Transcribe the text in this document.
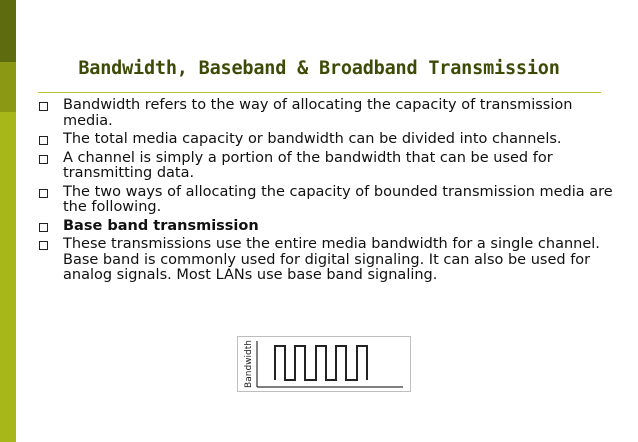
Bandwidth, Baseband & Broadband Transmission
Bandwidth refers to the way of allocating the capacity of transmission media.
The total media capacity or bandwidth can be divided into channels.
A channel is simply a portion of the bandwidth that can be used for transmitting data.
The two ways of allocating the capacity of bounded transmission media are the following.
Base band transmission
These transmissions use the entire media bandwidth for a single channel. Base band is commonly used for digital signaling. It can also be used for analog signals. Most LANs use base band signaling.
Bandwidth
